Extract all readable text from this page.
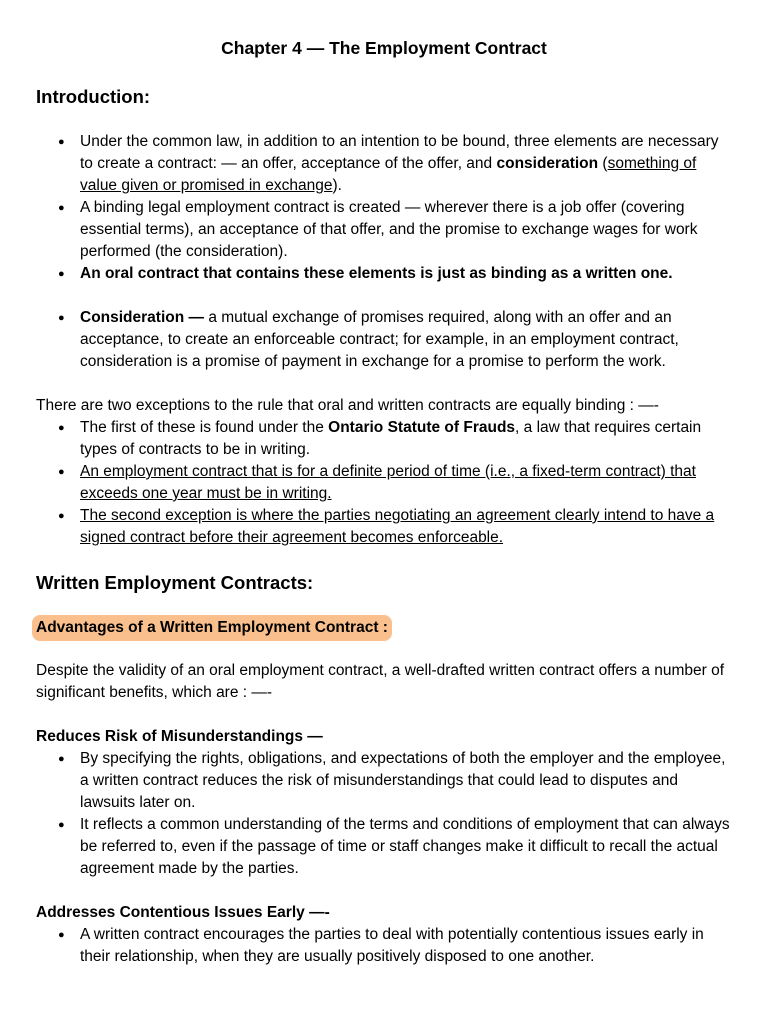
Chapter 4 — The Employment Contract
Introduction:
● Under the common law, in addition to an intention to be bound, three elements are necessary to create a contract: — an offer, acceptance of the offer, and consideration (something of value given or promised in exchange).
● A binding legal employment contract is created — wherever there is a job offer (covering essential terms), an acceptance of that offer, and the promise to exchange wages for work performed (the consideration).
● An oral contract that contains these elements is just as binding as a written one.
● Consideration — a mutual exchange of promises required, along with an offer and an acceptance, to create an enforceable contract; for example, in an employment contract, consideration is a promise of payment in exchange for a promise to perform the work.

There are two exceptions to the rule that oral and written contracts are equally binding : —-

● The first of these is found under the Ontario Statute of Frauds, a law that requires certain types of contracts to be in writing.
● An employment contract that is for a definite period of time (i.e., a fixed-term contract) that exceeds one year must be in writing.
● The second exception is where the parties negotiating an agreement clearly intend to have a signed contract before their agreement becomes enforceable.
Written Employment Contracts:
Advantages of a Written Employment Contract :

Despite the validity of an oral employment contract, a well-drafted written contract offers a number of significant benefits, which are : —-

Reduces Risk of Misunderstandings —

● By specifying the rights, obligations, and expectations of both the employer and the employee, a written contract reduces the risk of misunderstandings that could lead to disputes and lawsuits later on.
● It reflects a common understanding of the terms and conditions of employment that can always be referred to, even if the passage of time or staff changes make it difficult to recall the actual agreement made by the parties.

Addresses Contentious Issues Early —-

● A written contract encourages the parties to deal with potentially contentious issues early in their relationship, when they are usually positively disposed to one another.
